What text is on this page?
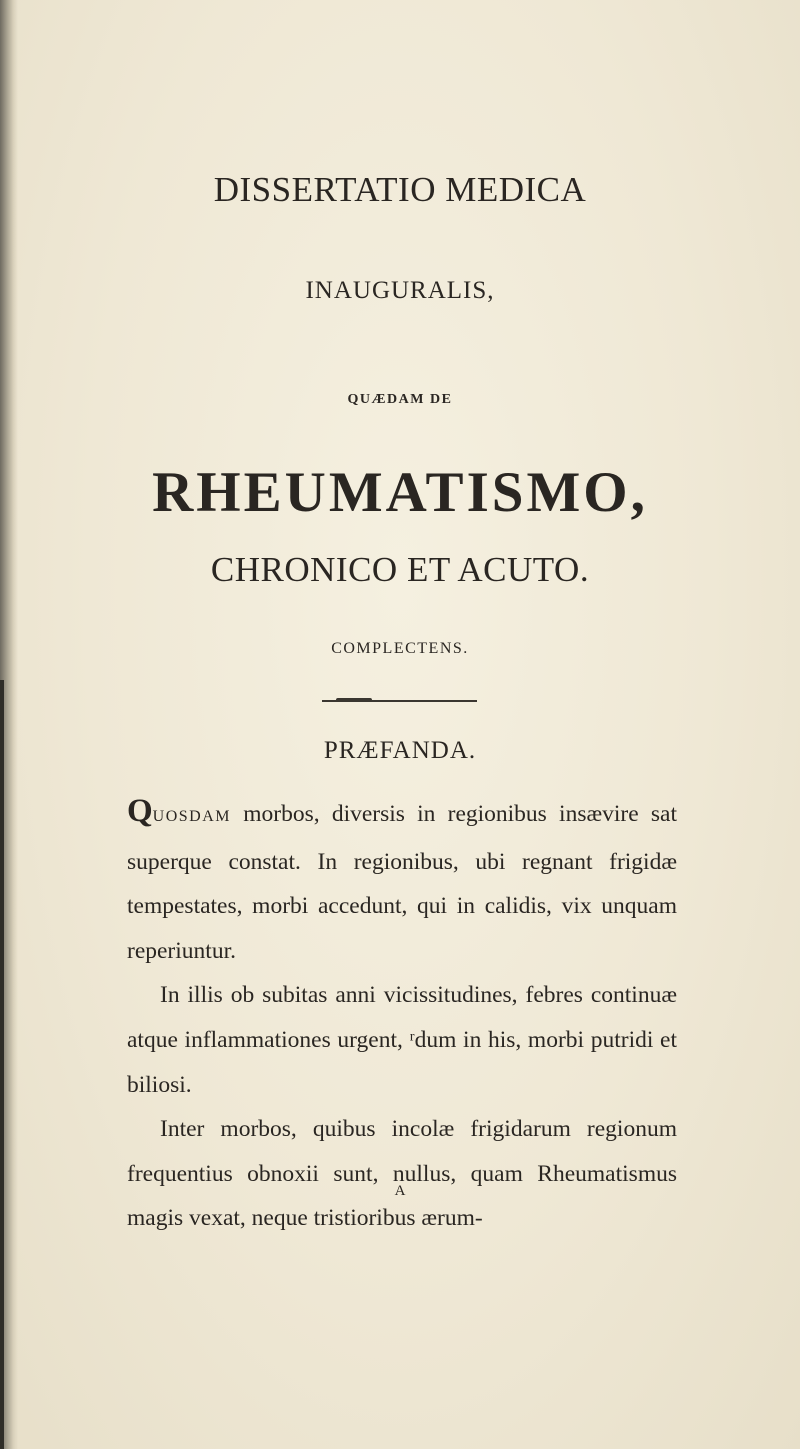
DISSERTATIO MEDICA
INAUGURALIS,
QUÆDAM DE
RHEUMATISMO,
CHRONICO ET ACUTO.
COMPLECTENS.
PRÆFANDA.

QUOSDAM morbos, diversis in regionibus insævire sat superque constat. In regionibus, ubi regnant frigidæ tempestates, morbi accedunt, qui in calidis, vix unquam reperiuntur.

In illis ob subitas anni vicissitudines, febres continuæ atque inflammationes urgent, ʳdum in his, morbi putridi et biliosi.

Inter morbos, quibus incolæ frigidarum regionum frequentius obnoxii sunt, nullus, quam Rheumatismus magis vexat, neque tristioribus ærum-

A
